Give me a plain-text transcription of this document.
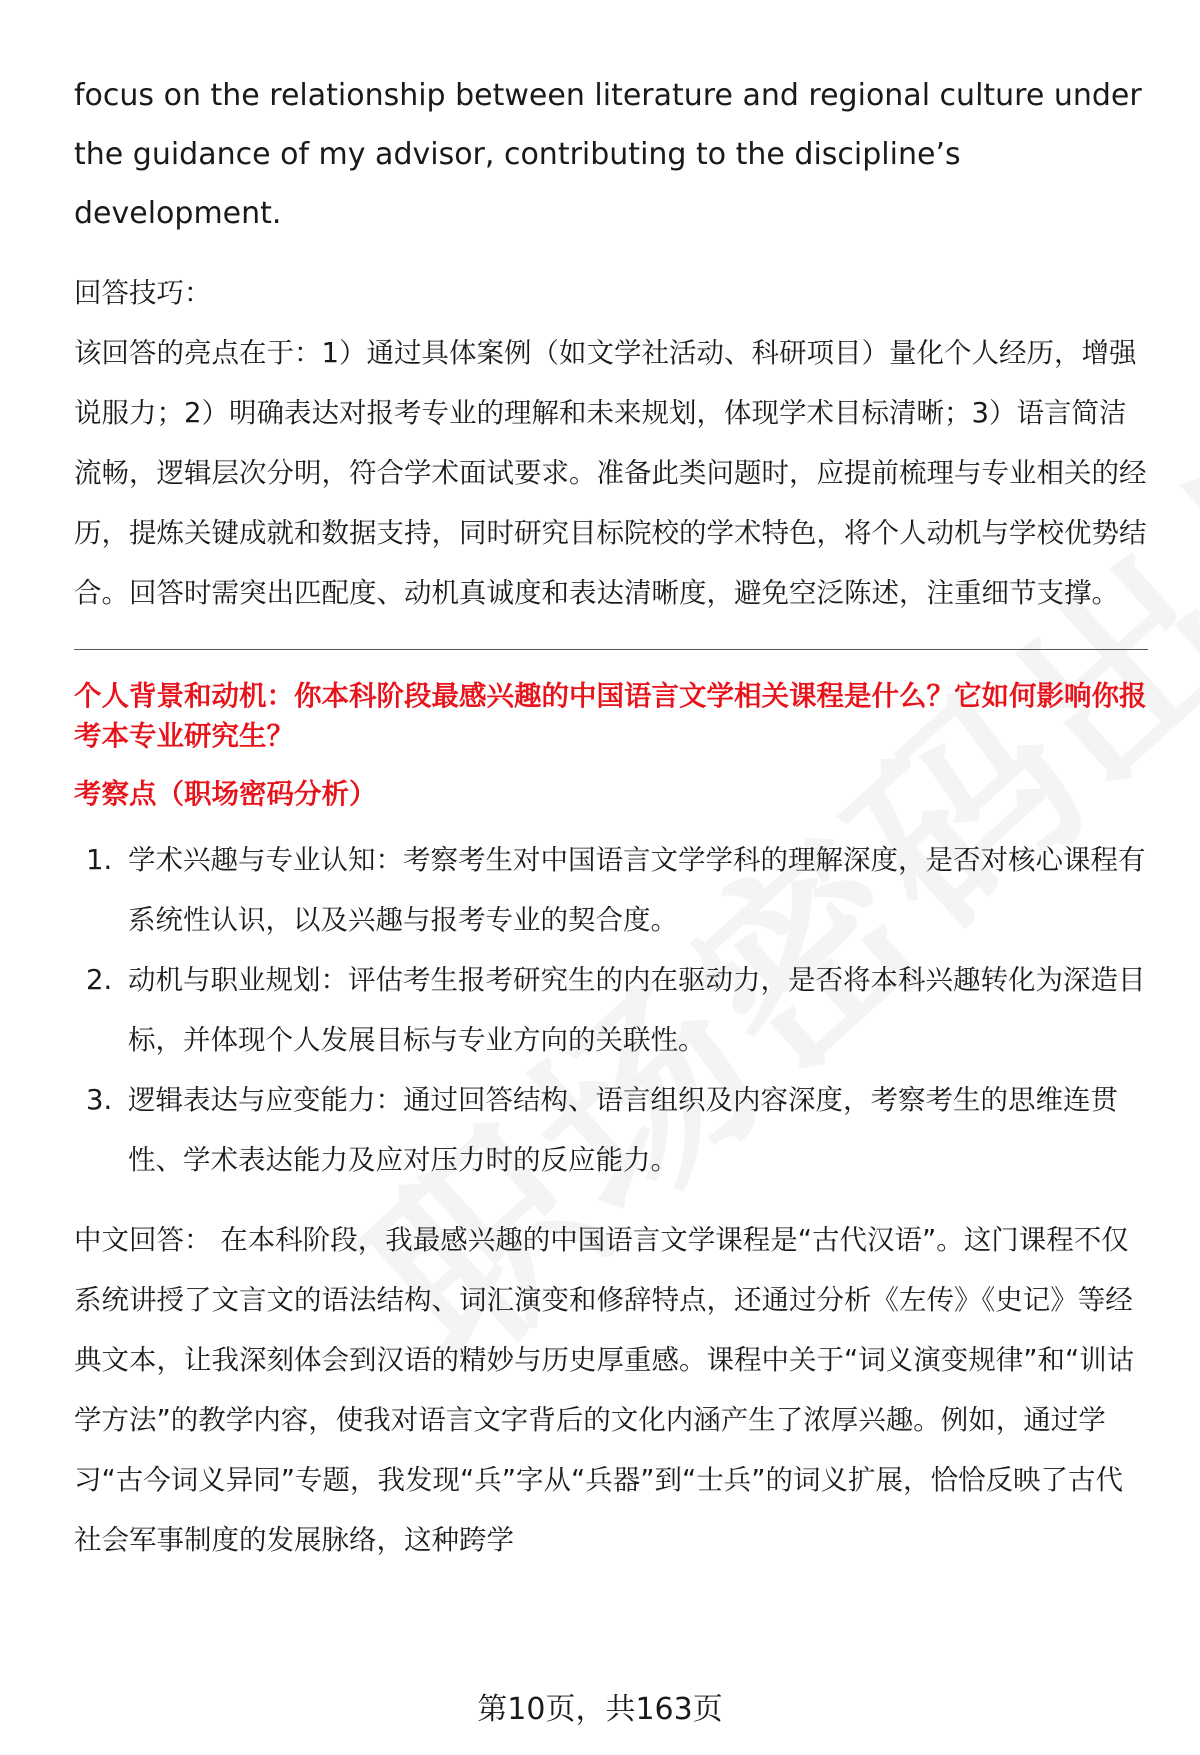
focus on the relationship between literature and regional culture under the guidance of my advisor, contributing to the discipline’s development.

回答技巧：

该回答的亮点在于：1）通过具体案例（如文学社活动、科研项目）量化个人经历，增强说服力；2）明确表达对报考专业的理解和未来规划，体现学术目标清晰；3）语言简洁流畅，逻辑层次分明，符合学术面试要求。准备此类问题时，应提前梳理与专业相关的经历，提炼关键成就和数据支持，同时研究目标院校的学术特色，将个人动机与学校优势结合。回答时需突出匹配度、动机真诚度和表达清晰度，避免空泛陈述，注重细节支撑。

个人背景和动机：你本科阶段最感兴趣的中国语言文学相关课程是什么？它如何影响你报考本专业研究生？

考察点（职场密码分析）

1. 学术兴趣与专业认知：考察考生对中国语言文学学科的理解深度，是否对核心课程有系统性认识，以及兴趣与报考专业的契合度。
2. 动机与职业规划：评估考生报考研究生的内在驱动力，是否将本科兴趣转化为深造目标，并体现个人发展目标与专业方向的关联性。
3. 逻辑表达与应变能力：通过回答结构、语言组织及内容深度，考察考生的思维连贯性、学术表达能力及应对压力时的反应能力。

中文回答： 在本科阶段，我最感兴趣的中国语言文学课程是“古代汉语”。这门课程不仅系统讲授了文言文的语法结构、词汇演变和修辞特点，还通过分析《左传》《史记》等经典文本，让我深刻体会到汉语的精妙与历史厚重感。课程中关于“词义演变规律”和“训诂学方法”的教学内容，使我对语言文字背后的文化内涵产生了浓厚兴趣。例如，通过学习“古今词义异同”专题，我发现“兵”字从“兵器”到“士兵”的词义扩展，恰恰反映了古代社会军事制度的发展脉络，这种跨学

第10页，共163页
